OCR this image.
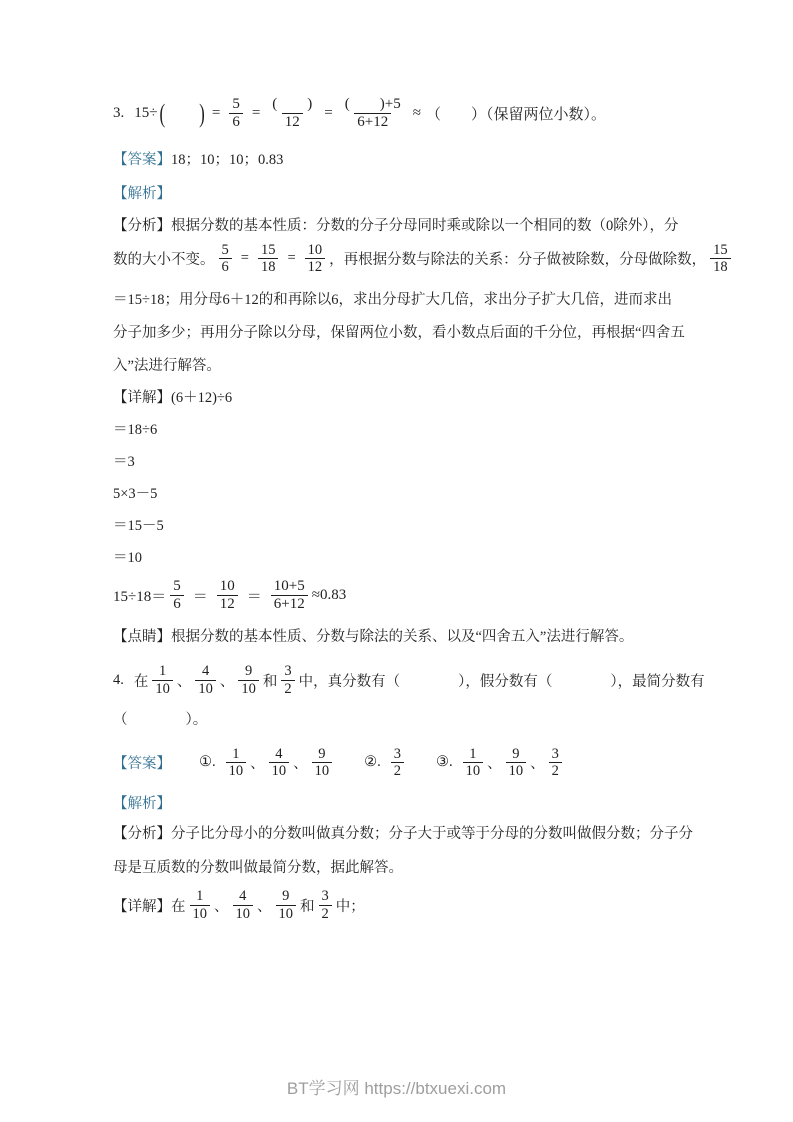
3. 15÷ (
　　 ) = $\frac{5}{6} = \frac{( )}{12} = \frac{( )+5}{6+12}$ ≈ （　　）（保留两位小数）。
【答案】18；10；10；0.83
【解析】
【分析】根据分数的基本性质：分数的分子分母同时乘或除以一个相同的数（0除外），分
数的大小不变。 $\frac{5}{6} = \frac{15}{18} = \frac{10}{12}$ ，再根据分数与除法的关系：分子做被除数，分母做除数， $\frac{15}{18}$
＝15÷18；用分母6＋12的和再除以6，求出分母扩大几倍，求出分子扩大几倍，进而求出
分子加多少；再用分子除以分母，保留两位小数，看小数点后面的千分位，再根据“四舍五
入”法进行解答。
【详解】(6＋12)÷6
＝18÷6
＝3
5×3－5
＝15－5
＝10
$15\div 18= \frac{5}{6} = \frac{10}{12} = \frac{10+5}{6+12} \approx 0.83$
【点睛】根据分数的基本性质、分数与除法的关系、以及“四舍五入”法进行解答。
4. 在 $\frac{1}{10}$ 、 $\frac{4}{10}$ 、 $\frac{9}{10}$ 和 $\frac{3}{2}$ 中，真分数有（　　　　），假分数有（　　　　），最简分数有
（　　　　）。
【答案】 ①. $\frac{1}{10}$ 、 $\frac{4}{10}$ 、 $\frac{9}{10}$ ②. $\frac{3}{2}$ ③. $\frac{1}{10}$ 、 $\frac{9}{10}$ 、 $\frac{3}{2}$
【解析】
【分析】分子比分母小的分数叫做真分数；分子大于或等于分母的分数叫做假分数；分子分
母是互质数的分数叫做最简分数，据此解答。
【详解】 在 $\frac{1}{10}$ 、 $\frac{4}{10}$ 、 $\frac{9}{10}$ 和 $\frac{3}{2}$ 中；
BT学习网 https://btxuexi.com
